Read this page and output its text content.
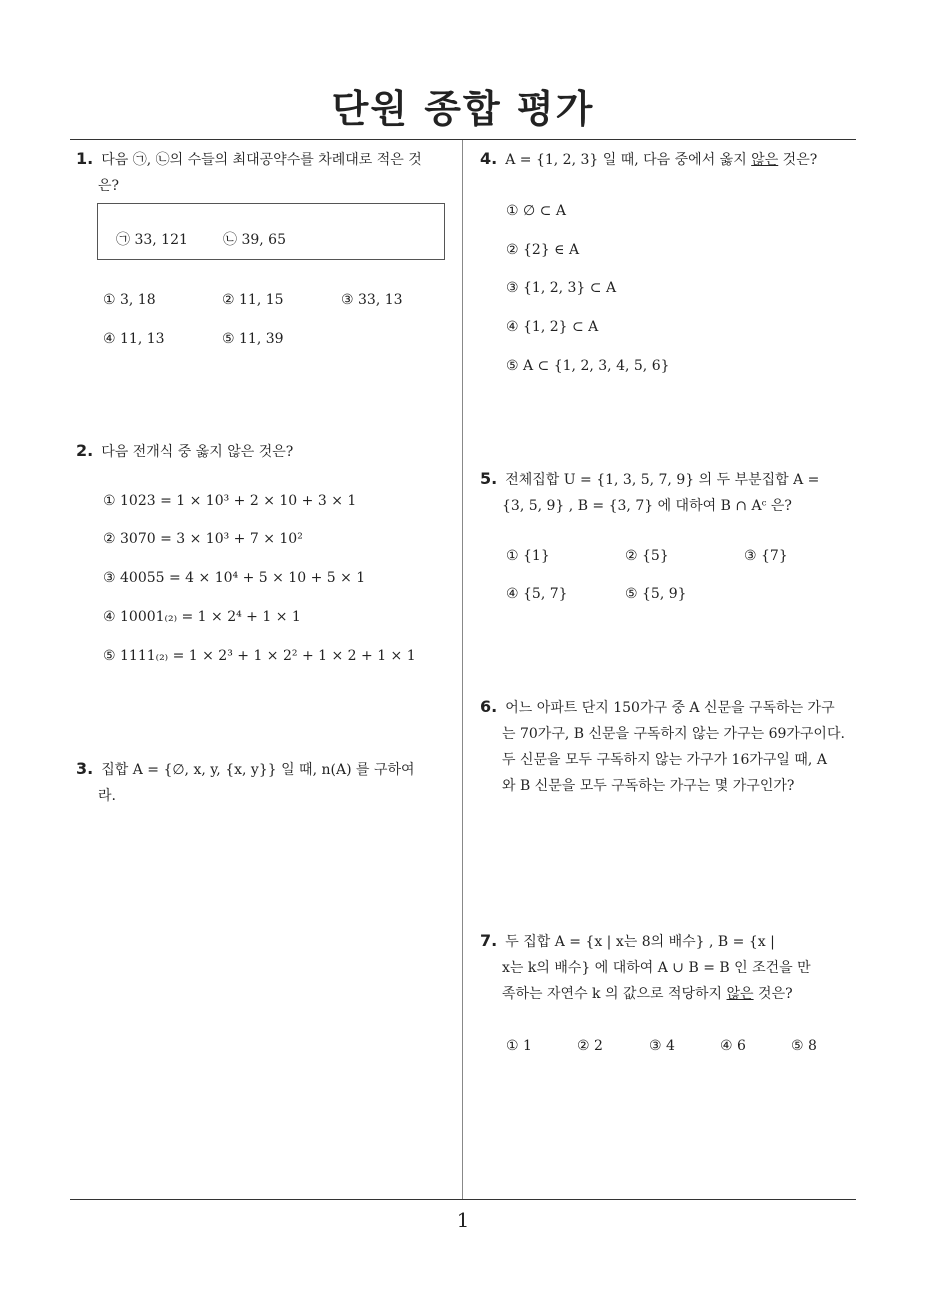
단원 종합 평가
1
1. 다음 ㉠, ㉡의 수들의 최대공약수를 차례대로 적은 것
은?
㉠ 33, 121	㉡ 39, 65
① 3, 18	② 11, 15	③ 33, 13
④ 11, 13	⑤ 11, 39
2. 다음 전개식 중 옳지 않은 것은?
① 1023 = 1 × 10³ + 2 × 10 + 3 × 1
② 3070 = 3 × 10³ + 7 × 10²
③ 40055 = 4 × 10⁴ + 5 × 10 + 5 × 1
④ 10001₍₂₎ = 1 × 2⁴ + 1 × 1
⑤ 1111₍₂₎ = 1 × 2³ + 1 × 2² + 1 × 2 + 1 × 1
3. 집합 A = {∅, x, y, {x, y}} 일 때, n(A) 를 구하여
라.
4. A = {1, 2, 3} 일 때, 다음 중에서 옳지 않은 것은?
① ∅ ⊂ A
② {2} ∈ A
③ {1, 2, 3} ⊂ A
④ {1, 2} ⊂ A
⑤ A ⊂ {1, 2, 3, 4, 5, 6}
5. 전체집합 U = {1, 3, 5, 7, 9} 의 두 부분집합 A =
{3, 5, 9} , B = {3, 7} 에 대하여 B ∩ Aᶜ 은?
① {1}	② {5}	③ {7}
④ {5, 7}	⑤ {5, 9}
6. 어느 아파트 단지 150가구 중 A 신문을 구독하는 가구
는 70가구, B 신문을 구독하지 않는 가구는 69가구이다.
두 신문을 모두 구독하지 않는 가구가 16가구일 때, A
와 B 신문을 모두 구독하는 가구는 몇 가구인가?
7. 두 집합 A = {x | x는 8의 배수} , B = {x |
x는 k의 배수} 에 대하여 A ∪ B = B 인 조건을 만
족하는 자연수 k 의 값으로 적당하지 않은 것은?
① 1	② 2	③ 4	④ 6	⑤ 8
